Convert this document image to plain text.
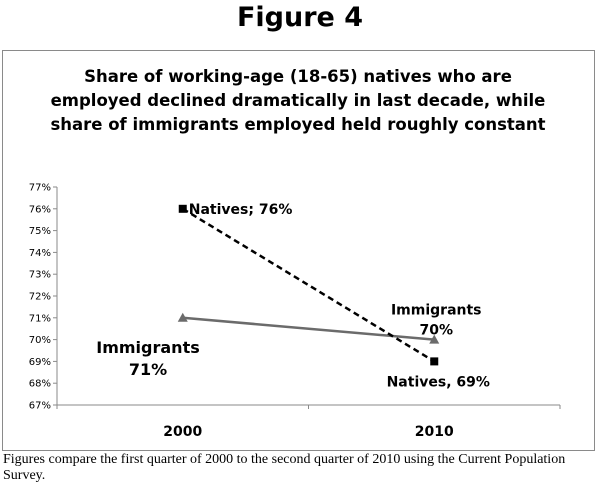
Figure 4
Share of working-age (18-65) natives who are
employed declined dramatically in last decade, while
share of immigrants employed held roughly constant
67%
68%
69%
70%
71%
72%
73%
74%
75%
76%
77%
2000	2010
Natives; 76%
Natives, 69%
Immigrants
71%
Immigrants
70%
Figures compare the first quarter of 2000 to the second quarter of 2010 using the Current Population Survey.
